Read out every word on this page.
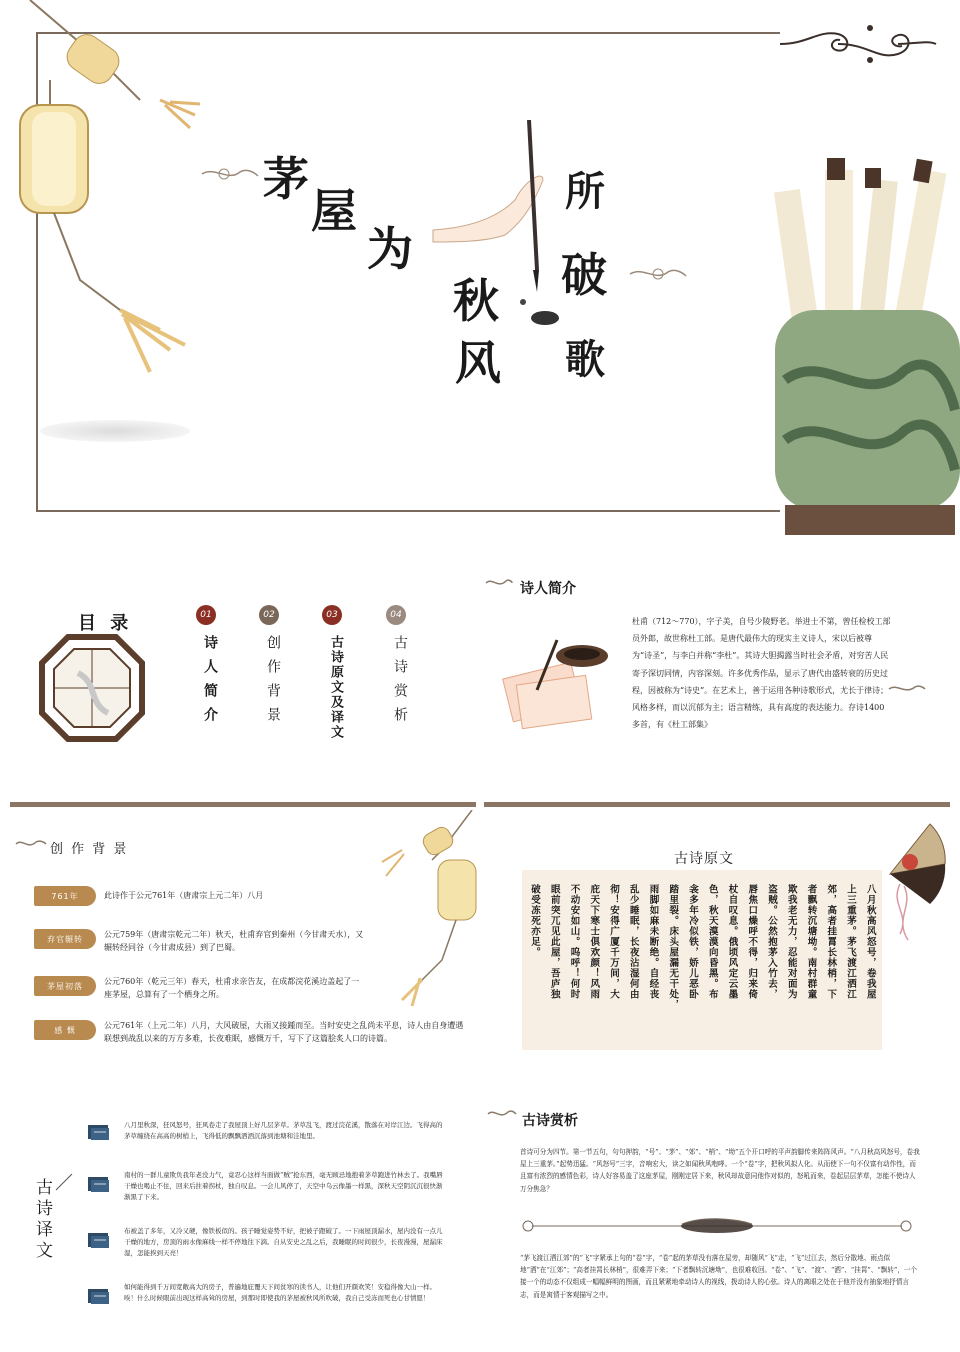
茅
屋
为
秋
风
所
破
歌
目 录	01
诗人简介
02
创作背景
03
古诗原文及译文
04
古诗赏析
诗人简介
杜甫（712～770），字子美，自号少陵野老。举进士不第，曾任检校工部员外郎，故世称杜工部。是唐代最伟大的现实主义诗人，宋以后被尊为“诗圣”，与李白并称“李杜”。其诗大胆揭露当时社会矛盾，对穷苦人民寄予深切同情，内容深刻。许多优秀作品，显示了唐代由盛转衰的历史过程，因被称为“诗史”。在艺术上，善于运用各种诗歌形式，尤长于律诗；风格多样，而以沉郁为主；语言精练，具有高度的表达能力。存诗1400多首，有《杜工部集》
创 作 背 景
761年	此诗作于公元761年（唐肃宗上元二年）八月
弃官辗转	公元759年（唐肃宗乾元二年）秋天，杜甫弃官到秦州（今甘肃天水），又辗转经同谷（今甘肃成县）到了巴蜀。
茅屋初落	公元760年（乾元三年）春天，杜甫求亲告友，在成都浣花溪边盖起了一座茅屋，总算有了一个栖身之所。
感 慨	公元761年（上元二年）八月，大风破屋，大雨又接踵而至。当时安史之乱尚未平息，诗人由自身遭遇联想到战乱以来的万方多难，长夜难眠，感慨万千，写下了这篇脍炙人口的诗篇。
古诗原文
八月秋高风怒号，卷我屋
上三重茅。茅飞渡江洒江
郊，高者挂罥长林梢，下
者飘转沉塘坳。南村群童
欺我老无力，忍能对面为
盗贼。公然抱茅入竹去，
唇焦口燥呼不得，归来倚
杖自叹息。俄顷风定云墨
色，秋天漠漠向昏黑。布
衾多年冷似铁，娇儿恶卧
踏里裂。床头屋漏无干处，
雨脚如麻未断绝。自经丧
乱少睡眠，长夜沾湿何由
彻！安得广厦千万间，大
庇天下寒士俱欢颜！风雨
不动安如山。呜呼！何时
眼前突兀见此屋，吾庐独
破受冻死亦足。
古诗译文
八月里秋深，狂风怒号，狂风卷走了我屋顶上好几层茅草。茅草乱飞，渡过浣花溪，散落在对岸江边。飞得高的茅草缠绕在高高的树梢上，飞得低的飘飘洒洒沉落到池塘和洼地里。
南村的一群儿童欺负我年老没力气，竟忍心这样当面做“贼”抢东西，毫无顾忌地抱着茅草跑进竹林去了。我嘴唇干燥也喝止不住，回来后拄着拐杖，独自叹息。一会儿风停了，天空中乌云像墨一样黑，深秋天空阴沉沉很快渐渐黑了下来。
布被盖了多年，又冷又硬，像铁板似的。孩子睡觉姿势不好，把被子蹬破了。一下雨屋顶漏水，屋内没有一点儿干燥的地方，房顶的雨水像麻线一样不停地往下滴。自从安史之乱之后，我睡眠的时间很少，长夜漫漫，屋漏床湿，怎能挨到天亮！
如何能得到千万间宽敞高大的房子，普遍地庇覆天下间贫寒的读书人，让他们开颜欢笑！安稳得像大山一样。唉！什么时候眼前出现这样高耸的房屋，到那时即使我的茅屋被秋风所吹破，我自己受冻而死也心甘情愿！
古诗赏析
首诗可分为四节。第一节五句，句句押韵，“号”、“茅”、“郊”、“梢”、“坳”五个开口呼的平声韵脚传来阵阵风声。“八月秋高风怒号，卷我屋上三重茅。”起势迅猛。“风怒号”三字，音响宏大，读之如闻秋风咆哮。一个“卷”字，把秋风拟人化。从而使下一句不仅富有动作性，而且富有浓烈的感情色彩，诗人好容易盖了这座茅屋，刚刚定居下来，秋风却故意同他作对似的，怒吼而来，卷起层层茅草，怎能不使诗人万分焦急？
“茅飞渡江洒江郊”的“飞”字紧承上句的“卷”字，“卷”起的茅草没有落在屋旁，却随风“飞”走，“飞”过江去，然后分散地、雨点似地“洒”在“江郊”；“高者挂罥长林梢”，很难弄下来；“下者飘转沉塘坳”，也很难收回。“卷”、“飞”、“渡”、“洒”、“挂罥”、“飘转”，一个接一个的动态不仅组成一幅幅鲜明的图画，而且紧紧地牵动诗人的视线，拨动诗人的心弦。诗人的离眼之处在于他并没有抽象地抒情言志，而是寓情于客观描写之中。
